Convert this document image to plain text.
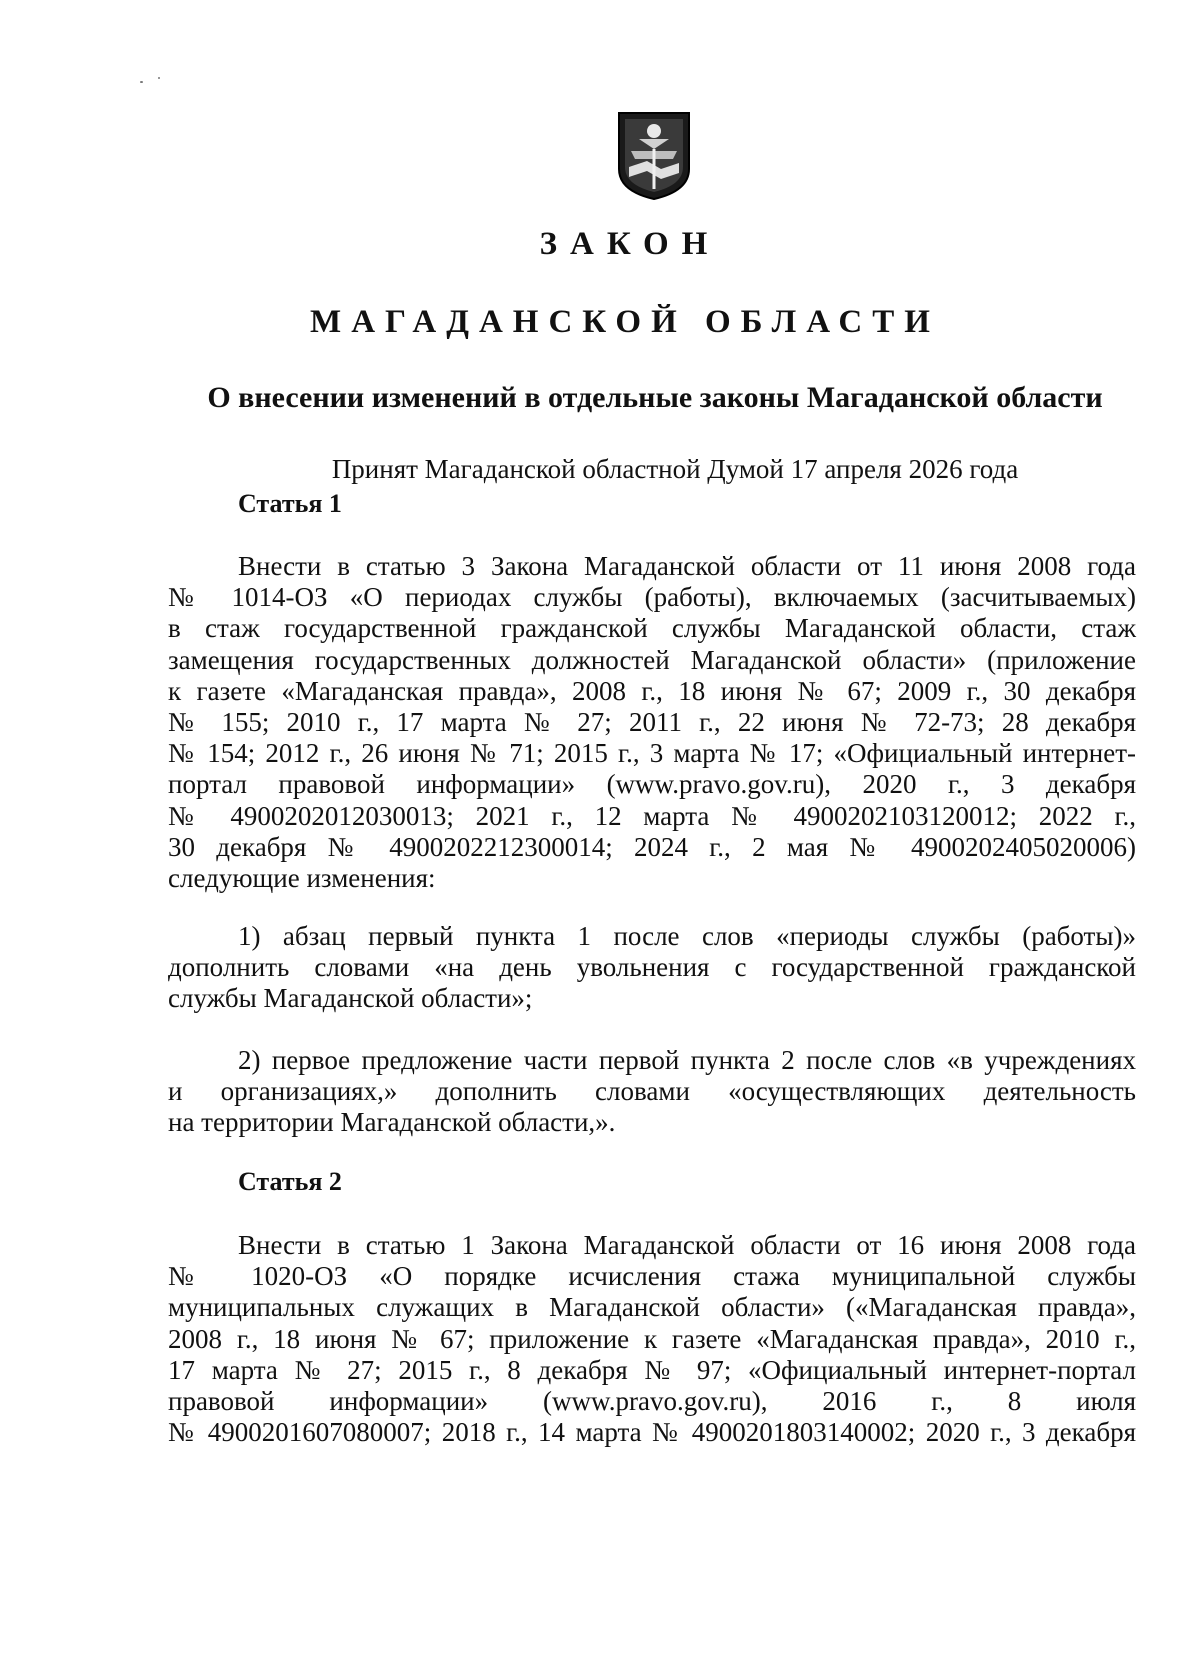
ЗАКОН
МАГАДАНСКОЙ ОБЛАСТИ
О внесении изменений в отдельные законы Магаданской области
Принят Магаданской областной Думой 17 апреля 2026 года
Статья 1
Внести в статью 3 Закона Магаданской области от 11 июня 2008 года
№ 1014-ОЗ «О периодах службы (работы), включаемых (засчитываемых)
в стаж государственной гражданской службы Магаданской области, стаж
замещения государственных должностей Магаданской области» (приложение
к газете «Магаданская правда», 2008 г., 18 июня № 67; 2009 г., 30 декабря
№ 155; 2010 г., 17 марта № 27; 2011 г., 22 июня № 72-73; 28 декабря
№ 154; 2012 г., 26 июня № 71; 2015 г., 3 марта № 17; «Официальный интернет-
портал правовой информации» (www.pravo.gov.ru), 2020 г., 3 декабря
№ 4900202012030013; 2021 г., 12 марта № 4900202103120012; 2022 г.,
30 декабря № 4900202212300014; 2024 г., 2 мая № 4900202405020006)
следующие изменения:
1) абзац первый пункта 1 после слов «периоды службы (работы)»
дополнить словами «на день увольнения с государственной гражданской
службы Магаданской области»;
2) первое предложение части первой пункта 2 после слов «в учреждениях
и организациях,» дополнить словами «осуществляющих деятельность
на территории Магаданской области,».
Статья 2
Внести в статью 1 Закона Магаданской области от 16 июня 2008 года
№ 1020-ОЗ «О порядке исчисления стажа муниципальной службы
муниципальных служащих в Магаданской области» («Магаданская правда»,
2008 г., 18 июня № 67; приложение к газете «Магаданская правда», 2010 г.,
17 марта № 27; 2015 г., 8 декабря № 97; «Официальный интернет-портал
правовой информации» (www.pravo.gov.ru), 2016 г., 8 июля
№ 4900201607080007; 2018 г., 14 марта № 4900201803140002; 2020 г., 3 декабря
